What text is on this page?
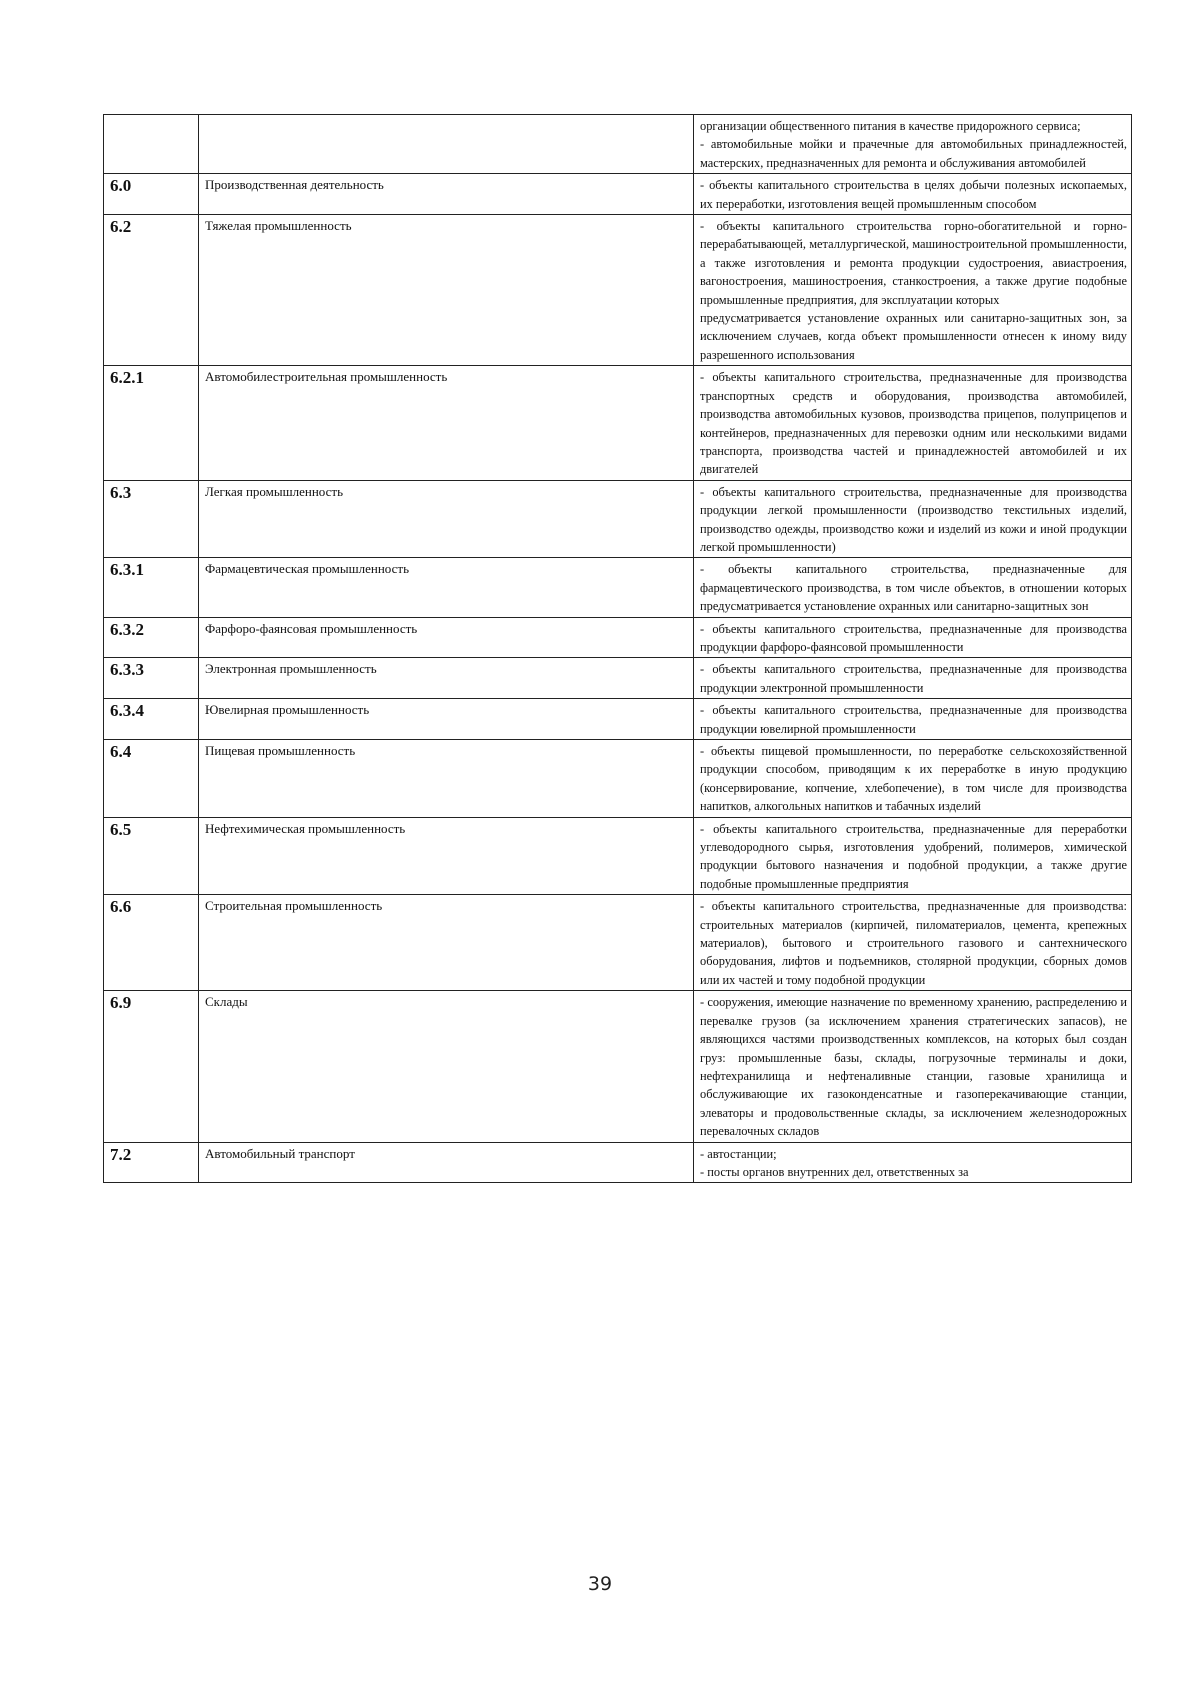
		организации общественного питания в качестве придорожного сервиса;
- автомобильные мойки и прачечные для автомобильных принадлежностей, мастерских, предназначенных для ремонта и обслуживания автомобилей

6.0	Производственная деятельность	- объекты капитального строительства в целях добычи полезных ископаемых, их переработки, изготовления вещей промышленным способом

6.2	Тяжелая промышленность	- объекты капитального строительства горно-обогатительной и горно-перерабатывающей, металлургической, машиностроительной промышленности, а также изготовления и ремонта продукции судостроения, авиастроения, вагоностроения, машиностроения, станкостроения, а также другие подобные промышленные предприятия, для эксплуатации которых
предусматривается установление охранных или санитарно-защитных зон, за исключением случаев, когда объект промышленности отнесен к иному виду разрешенного использования

6.2.1	Автомобилестроительная промышленность	- объекты капитального строительства, предназначенные для производства транспортных средств и оборудования, производства автомобилей, производства автомобильных кузовов, производства прицепов, полуприцепов и контейнеров, предназначенных для перевозки одним или несколькими видами транспорта, производства частей и принадлежностей автомобилей и их двигателей

6.3	Легкая промышленность	- объекты капитального строительства, предназначенные для производства продукции легкой промышленности (производство текстильных изделий, производство одежды, производство кожи и изделий из кожи и иной продукции легкой промышленности)

6.3.1	Фармацевтическая промышленность	- объекты капитального строительства, предназначенные для фармацевтического производства, в том числе объектов, в отношении которых предусматривается установление охранных или санитарно-защитных зон

6.3.2	Фарфоро-фаянсовая промышленность	- объекты капитального строительства, предназначенные для производства продукции фарфоро-фаянсовой промышленности

6.3.3	Электронная промышленность	- объекты капитального строительства, предназначенные для производства продукции электронной промышленности

6.3.4	Ювелирная промышленность	- объекты капитального строительства, предназначенные для производства продукции ювелирной промышленности

6.4	Пищевая промышленность	- объекты пищевой промышленности, по переработке сельскохозяйственной продукции способом, приводящим к их переработке в иную продукцию (консервирование, копчение, хлебопечение), в том числе для производства напитков, алкогольных напитков и табачных изделий

6.5	Нефтехимическая промышленность	- объекты капитального строительства, предназначенные для переработки углеводородного сырья, изготовления удобрений, полимеров, химической продукции бытового назначения и подобной продукции, а также другие подобные промышленные предприятия

6.6	Строительная промышленность	- объекты капитального строительства, предназначенные для производства: строительных материалов (кирпичей, пиломатериалов, цемента, крепежных материалов), бытового и строительного газового и сантехнического оборудования, лифтов и подъемников, столярной продукции, сборных домов или их частей и тому подобной продукции

6.9	Склады	- сооружения, имеющие назначение по временному хранению, распределению и перевалке грузов (за исключением хранения стратегических запасов), не являющихся частями производственных комплексов, на которых был создан груз: промышленные базы, склады, погрузочные терминалы и доки, нефтехранилища и нефтеналивные станции, газовые хранилища и обслуживающие их газоконденсатные и газоперекачивающие станции, элеваторы и продовольственные склады, за исключением железнодорожных перевалочных складов

7.2	Автомобильный транспорт	- автостанции;
- посты органов внутренних дел, ответственных за
39
